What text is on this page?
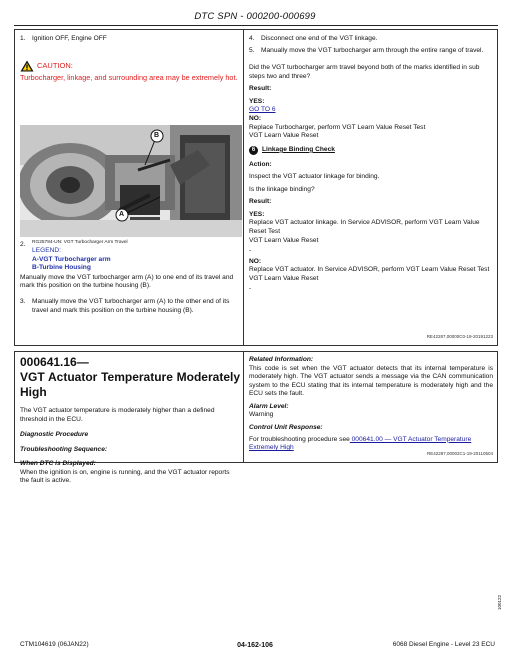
DTC SPN - 000200-000699
1. Ignition OFF, Engine OFF
CAUTION:

Turbocharger, linkage, and surrounding area may be extremely hot.

B
A
2.	RG25784-UN: VGT Turbocharger Arm Travel

LEGEND:

A-VGT Turbocharger arm

B-Turbine Housing

Manually move the VGT turbocharger arm (A) to one end of its travel and mark this position on the turbine housing (B).

3. Manually move the VGT turbocharger arm (A) to the other end of its travel and mark this position on the turbine housing (B).
4. Disconnect one end of the VGT linkage.
5. Manually move the VGT turbocharger arm through the entire range of travel.

Did the VGT turbocharger arm travel beyond both of the marks identified in sub steps two and three?

Result:

YES:

GO TO 6

NO:

Replace Turbocharger, perform VGT Learn Value Reset Test

VGT Learn Value Reset

6	Linkage Binding Check

Action:

Inspect the VGT actuator linkage for binding.

Is the linkage binding?

Result:

YES:

Replace VGT actuator linkage. In Service ADVISOR, perform VGT Learn Value Reset Test

VGT Learn Value Reset

-

NO:

Replace VGT actuator. In Service ADVISOR, perform VGT Learn Value Reset Test

VGT Learn Value Reset

-

RE42287,00000C0-19-20191223

000641.16—

VGT Actuator Temperature Moderately High

The VGT actuator temperature is moderately higher than a defined threshold in the ECU.

Diagnostic Procedure

Troubleshooting Sequence:

When DTC is Displayed:

When the ignition is on, engine is running, and the VGT actuator reports the fault is active.

Related Information:

This code is set when the VGT actuator detects that its internal temperature is moderately high. The VGT actuator sends a message via the CAN communication system to the ECU stating that its internal temperature is moderately high and the ECU sets the fault.

Alarm Level:

Warning

Control Unit Response:

For troubleshooting procedure see 000641.00 — VGT Actuator Temperature Extremely High

RE42287,00002C1-19-20110504
CTM104619 (06JAN22)	04-162-106	6068 Diesel Engine - Level 23 ECU
100122
